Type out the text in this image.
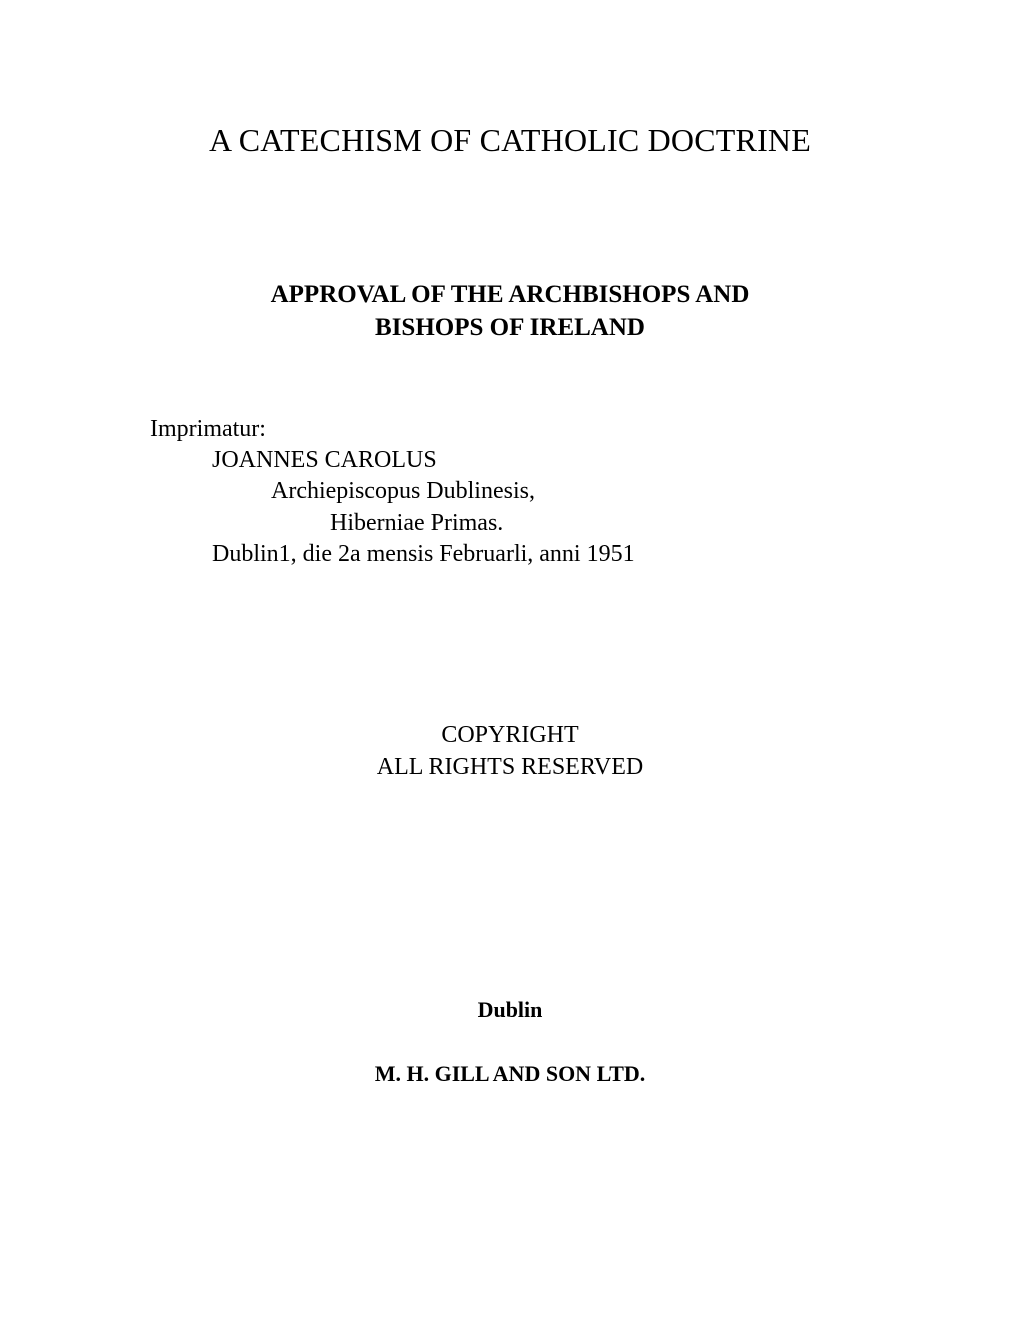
A CATECHISM OF CATHOLIC DOCTRINE
APPROVAL OF THE ARCHBISHOPS AND
BISHOPS OF IRELAND
Imprimatur:
JOANNES CAROLUS
Archiepiscopus Dublinesis,
Hiberniae Primas.
Dublin1, die 2a mensis Februarli, anni 1951
COPYRIGHT
ALL RIGHTS RESERVED
Dublin
M. H. GILL AND SON LTD.
